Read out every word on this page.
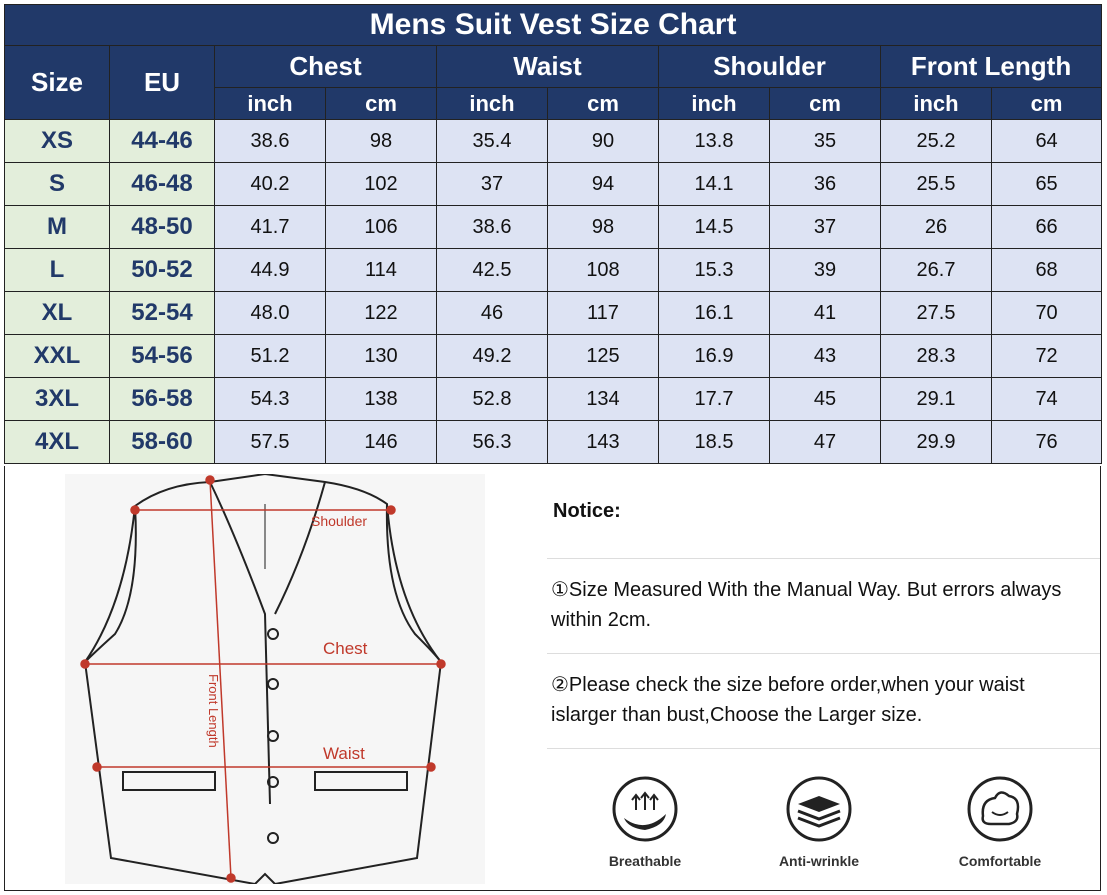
Mens Suit Vest Size Chart									
Size	EU	Chest		Waist		Shoulder		Front Length	
		inch	cm	inch	cm	inch	cm	inch	cm
XS	44-46	38.6	98	35.4	90	13.8	35	25.2	64
S	46-48	40.2	102	37	94	14.1	36	25.5	65
M	48-50	41.7	106	38.6	98	14.5	37	26	66
L	50-52	44.9	114	42.5	108	15.3	39	26.7	68
XL	52-54	48.0	122	46	117	16.1	41	27.5	70
XXL	54-56	51.2	130	49.2	125	16.9	43	28.3	72
3XL	56-58	54.3	138	52.8	134	17.7	45	29.1	74
4XL	58-60	57.5	146	56.3	143	18.5	47	29.9	76
Shoulder
Chest
Waist
Front Length
Notice:
①Size Measured With the Manual Way. But errors always within 2cm.
②Please check the size before order,when your waist islarger than bust,Choose the Larger size.
Breathable	Anti-wrinkle	Comfortable
